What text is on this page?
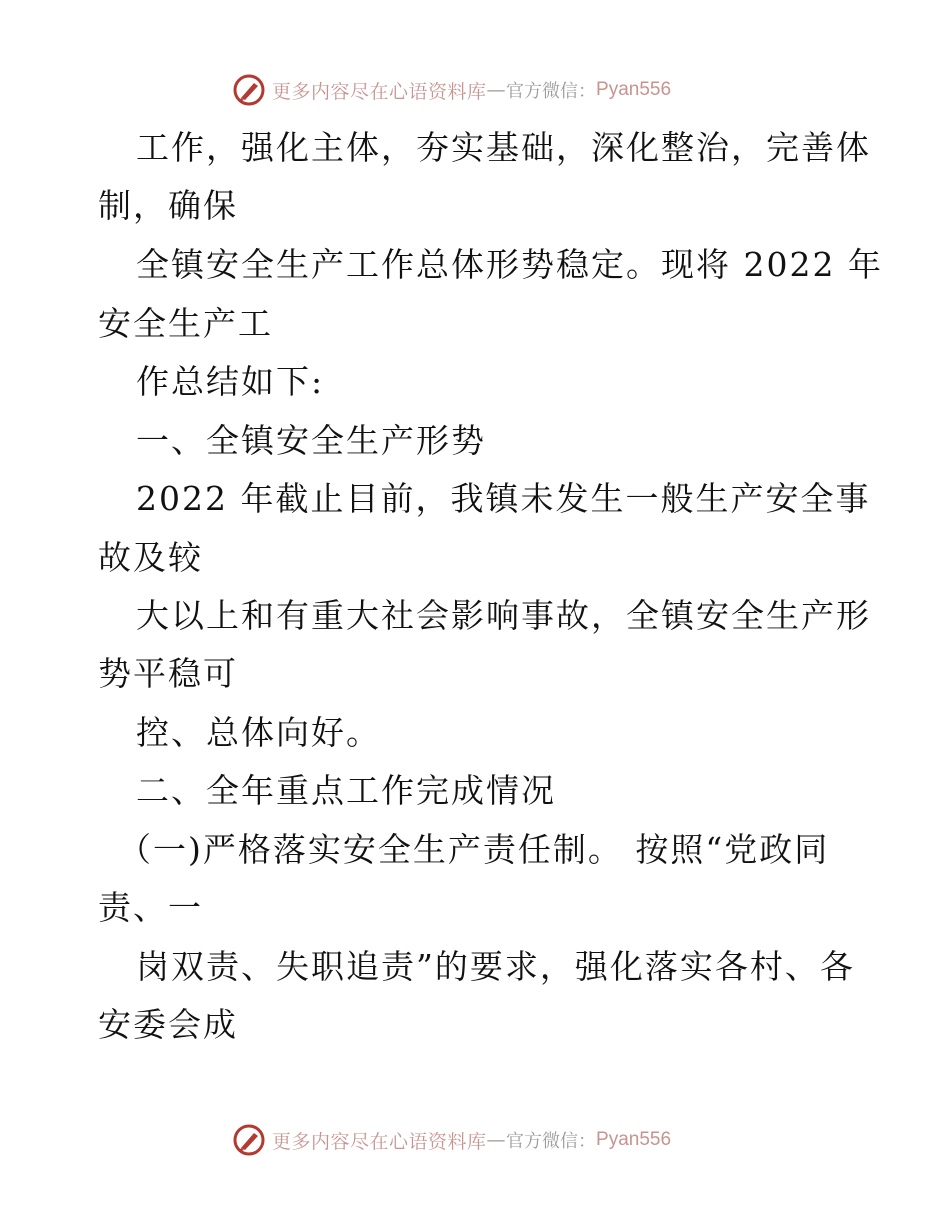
更多内容尽在心语资料库 — 官方微信： Pyan556
工作，强化主体，夯实基础，深化整治，完善体
制，确保
全镇安全生产工作总体形势稳定。现将 2022 年
安全生产工
作总结如下:
一、全镇安全生产形势
2022 年截止目前，我镇未发生一般生产安全事
故及较
大以上和有重大社会影响事故，全镇安全生产形
势平稳可
控、总体向好。
二、全年重点工作完成情况
（一)严格落实安全生产责任制。 按照“党政同
责、一
岗双责、失职追责”的要求，强化落实各村、各
安委会成
更多内容尽在心语资料库 — 官方微信： Pyan556
